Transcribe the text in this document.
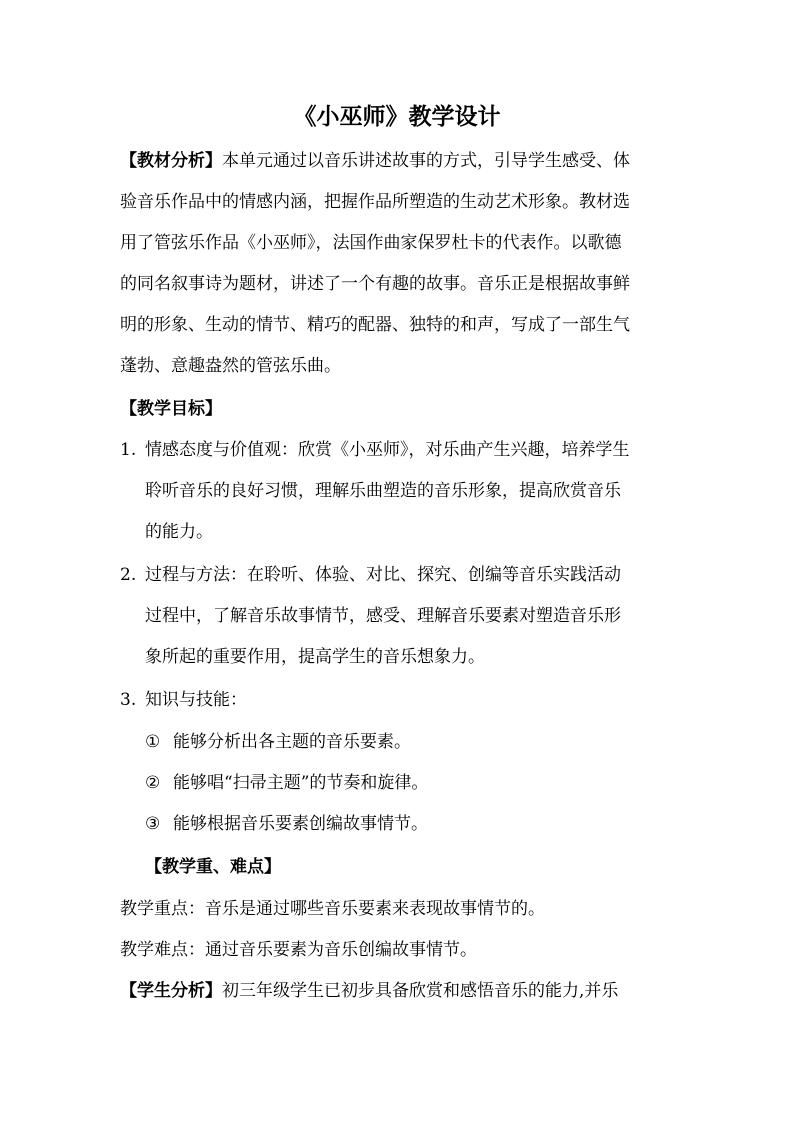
《小巫师》教学设计
【教材分析】本单元通过以音乐讲述故事的方式，引导学生感受、体
验音乐作品中的情感内涵，把握作品所塑造的生动艺术形象。教材选
用了管弦乐作品《小巫师》，法国作曲家保罗杜卡的代表作。以歌德
的同名叙事诗为题材，讲述了一个有趣的故事。音乐正是根据故事鲜
明的形象、生动的情节、精巧的配器、独特的和声，写成了一部生气
蓬勃、意趣盎然的管弦乐曲。
【教学目标】
1. 情感态度与价值观：欣赏《小巫师》，对乐曲产生兴趣，培养学生
聆听音乐的良好习惯，理解乐曲塑造的音乐形象，提高欣赏音乐
的能力。
2. 过程与方法：在聆听、体验、对比、探究、创编等音乐实践活动
过程中，了解音乐故事情节，感受、理解音乐要素对塑造音乐形
象所起的重要作用，提高学生的音乐想象力。
3. 知识与技能：
① 能够分析出各主题的音乐要素。
② 能够唱“扫帚主题”的节奏和旋律。
③ 能够根据音乐要素创编故事情节。
【教学重、难点】
教学重点：音乐是通过哪些音乐要素来表现故事情节的。
教学难点：通过音乐要素为音乐创编故事情节。
【学生分析】初三年级学生已初步具备欣赏和感悟音乐的能力,并乐
